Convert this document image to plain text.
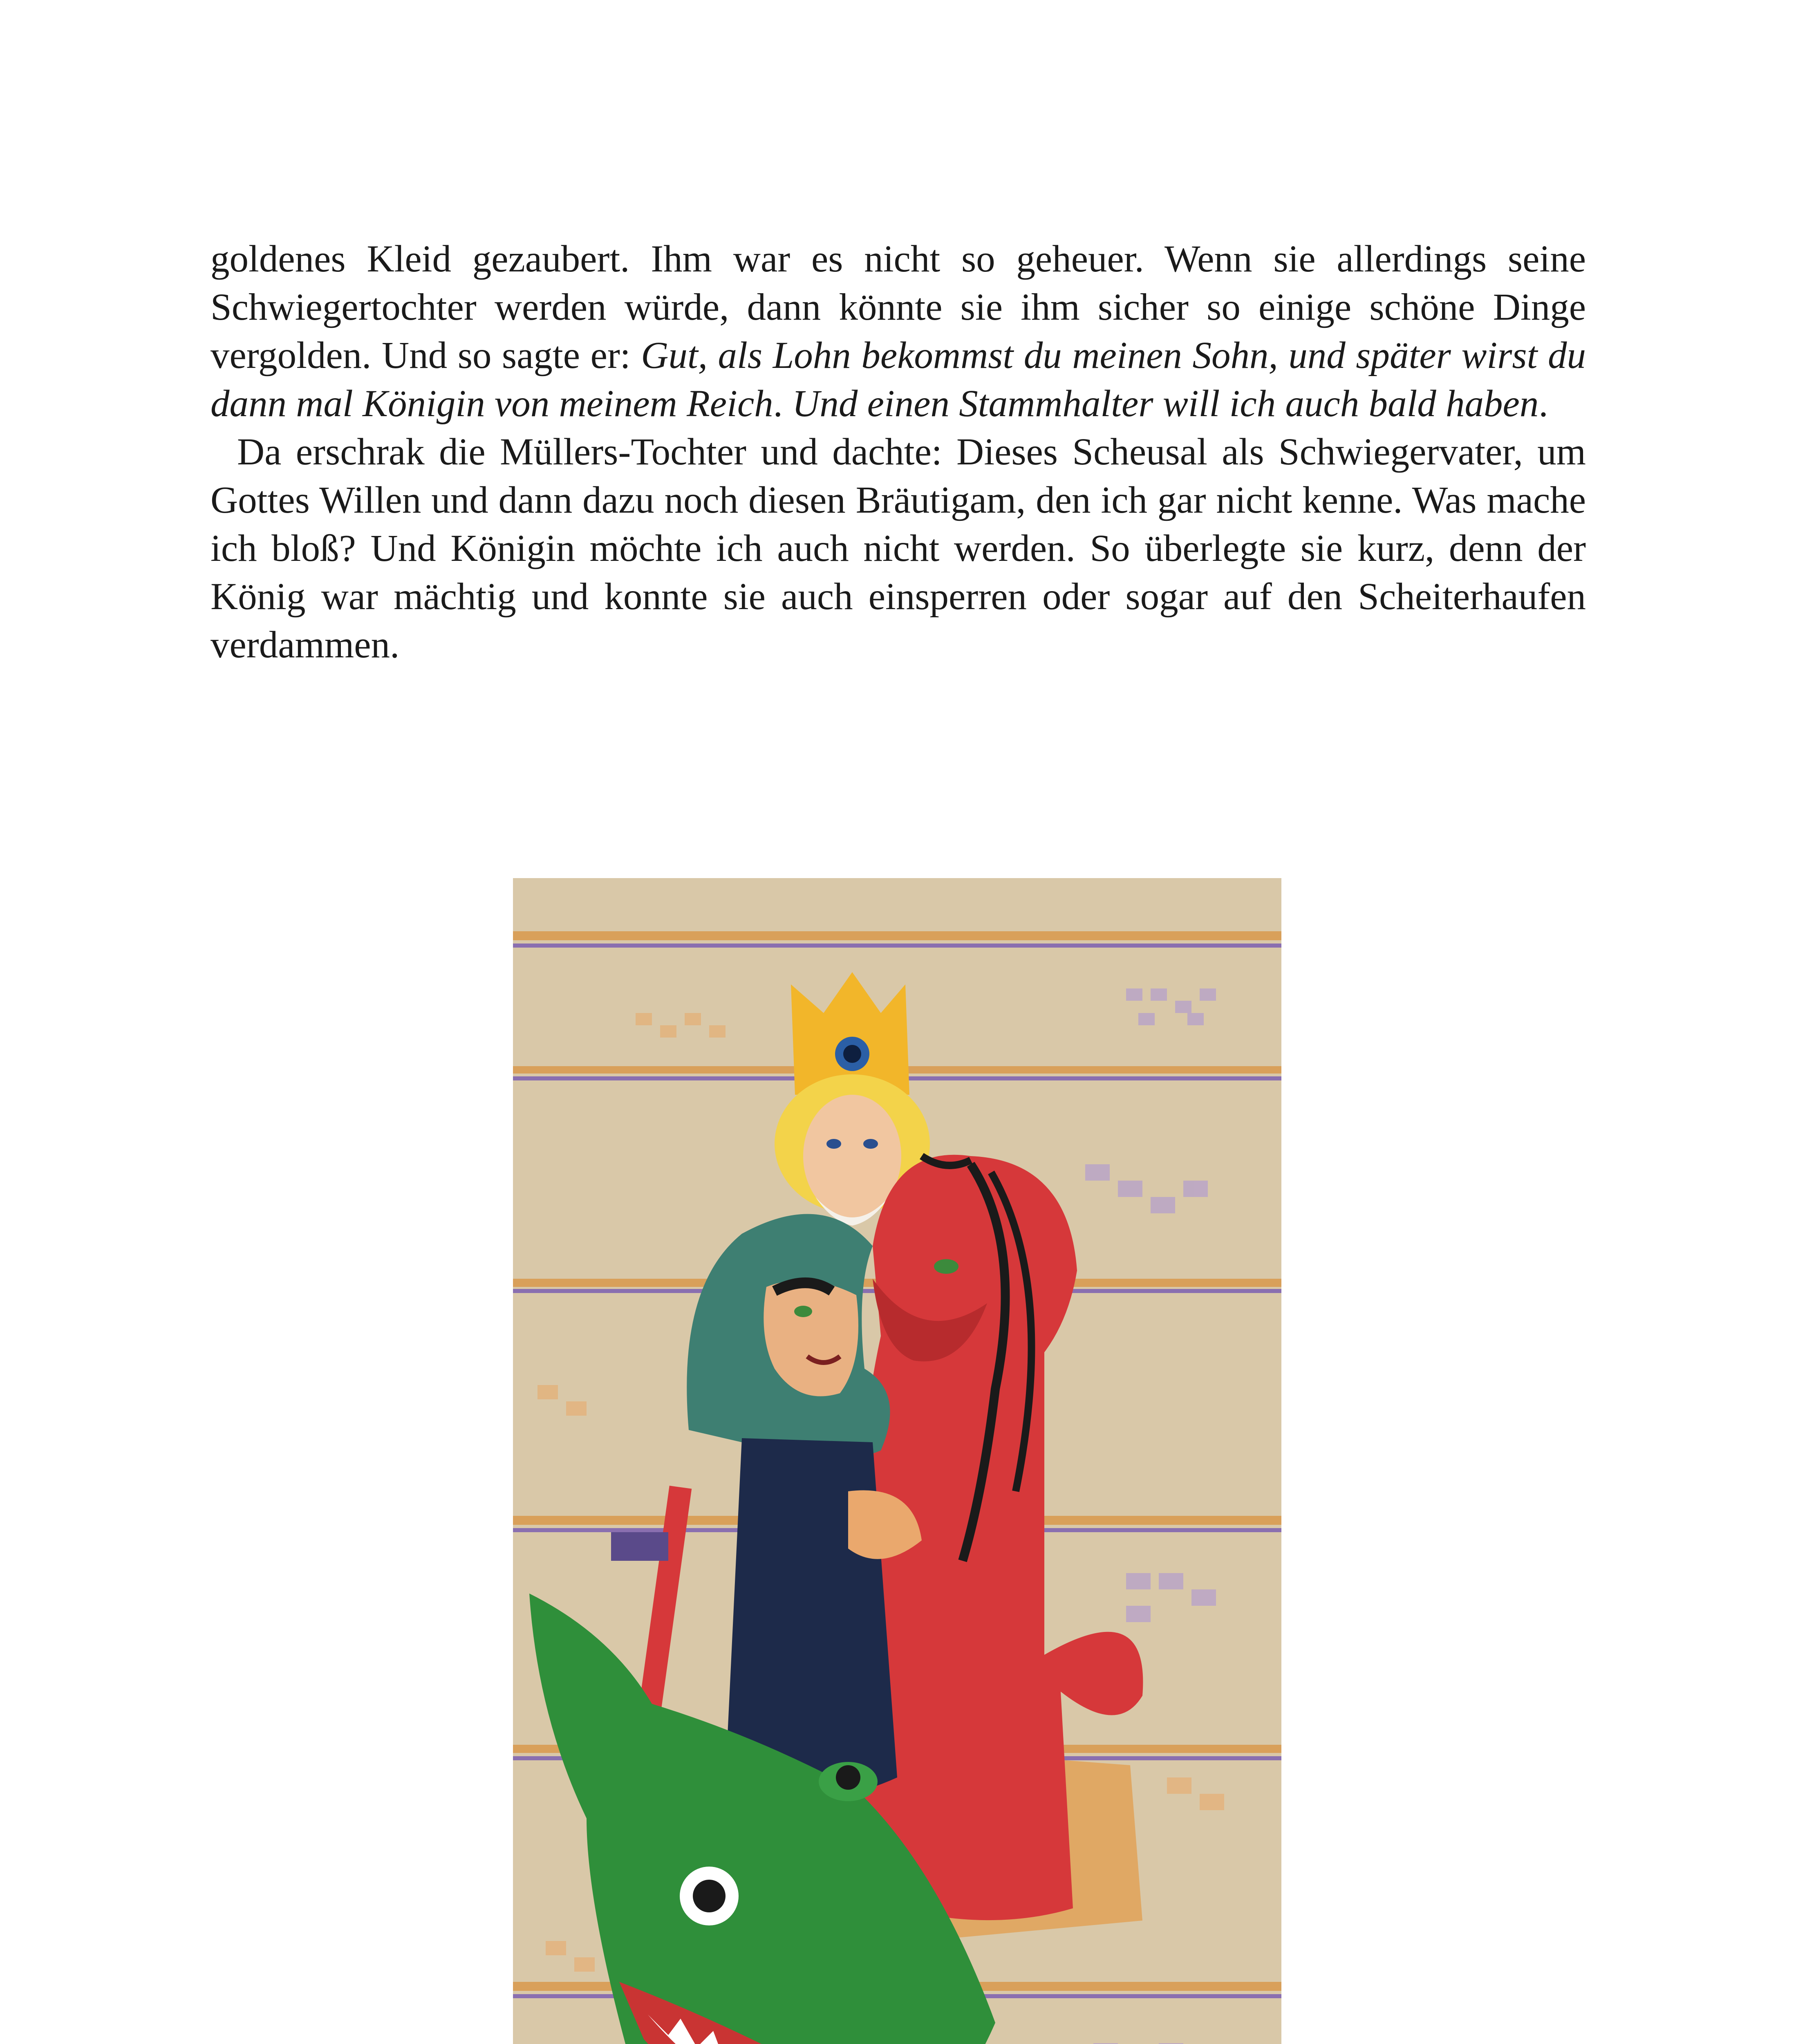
goldenes Kleid gezaubert. Ihm war es nicht so geheuer. Wenn sie allerdings seine Schwiegertochter werden würde, dann könnte sie ihm sicher so einige schöne Dinge vergolden. Und so sagte er: Gut, als Lohn bekommst du meinen Sohn, und später wirst du dann mal Königin von meinem Reich. Und einen Stammhalter will ich auch bald haben.

Da erschrak die Müllers-Tochter und dachte: Dieses Scheusal als Schwiegervater, um Gottes Willen und dann dazu noch diesen Bräutigam, den ich gar nicht kenne. Was mache ich bloß? Und Königin möchte ich auch nicht werden. So überlegte sie kurz, denn der König war mächtig und konnte sie auch einsperren oder sogar auf den Scheiterhaufen verdammen.
